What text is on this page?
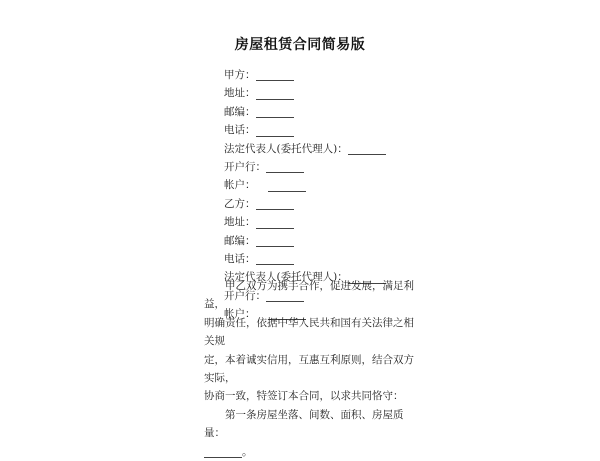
房屋租赁合同简易版
甲方：
地址：
邮编：
电话：
法定代表人(委托代理人)：
开户行：
帐户：
乙方：
地址：
邮编：
电话：
法定代表人(委托代理人)：
开户行：
帐户：

甲乙双方为携手合作，促进发展，满足利益，

明确责任，依据中华人民共和国有关法律之相关规

定，本着诚实信用，互惠互利原则，结合双方实际，

协商一致，特签订本合同，以求共同恪守：

第一条房屋坐落、间数、面积、房屋质量：

。
